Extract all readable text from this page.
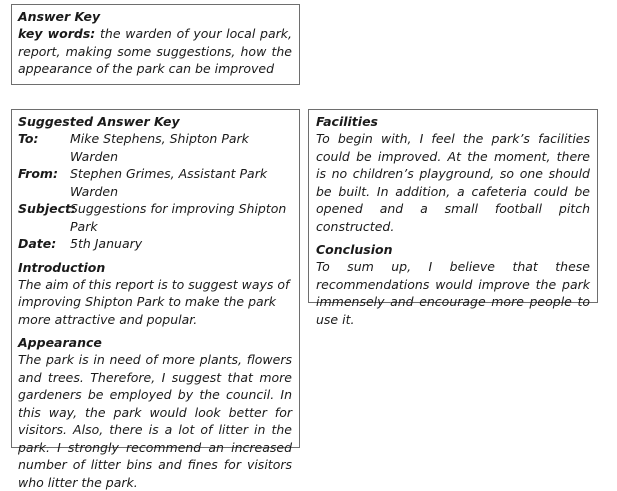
Answer Key

key words: the warden of your local park, report, making some suggestions, how the appearance of the park can be improved

Suggested Answer Key

To:	Mike Stephens, Shipton Park Warden
From: Stephen Grimes, Assistant Park Warden
Subject:
Suggestions for improving Shipton Park
Date:	5th January

Introduction

The aim of this report is to suggest ways of improving Shipton Park to make the park more attractive and popular.

Appearance

The park is in need of more plants, flowers and trees. Therefore, I suggest that more gardeners be employed by the council. In this way, the park would look better for visitors. Also, there is a lot of litter in the park. I strongly recommend an increased number of litter bins and fines for visitors who litter the park.

Facilities

To begin with, I feel the park’s facilities could be improved. At the moment, there is no children’s playground, so one should be built. In addition, a cafeteria could be opened and a small football pitch constructed.

Conclusion

To sum up, I believe that these recommendations would improve the park immensely and encourage more people to use it.
